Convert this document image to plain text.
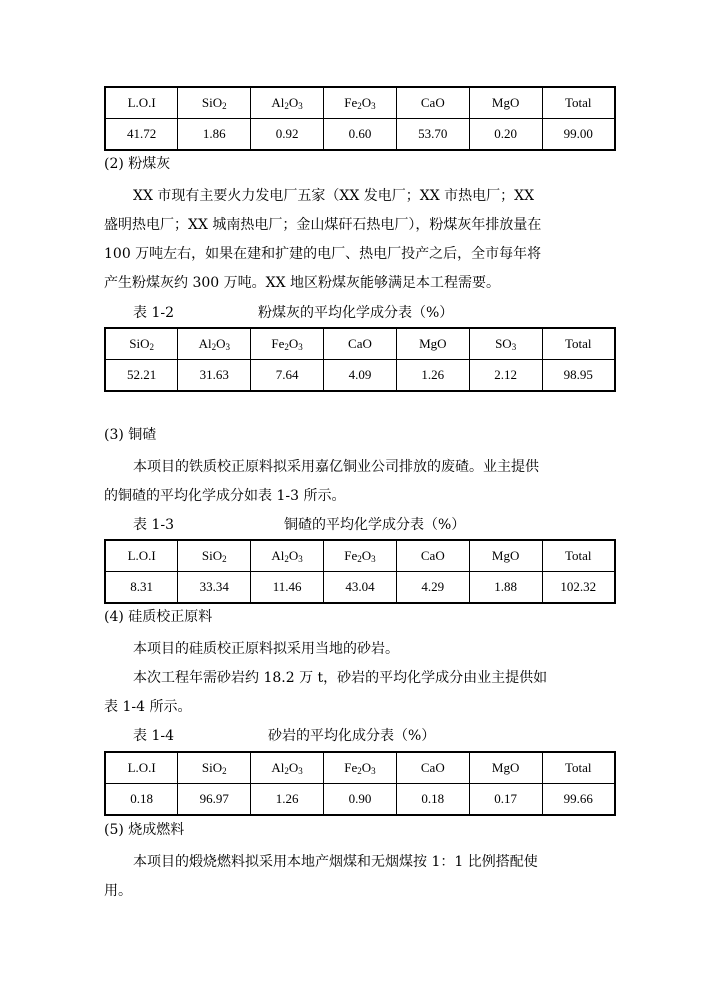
L.O.I	SiO$_2$	$Al_2O_3$	$Fe_2O_3$	CaO	MgO	Total
41.72	1.86	0.92	0.60	53.70	0.20	99.00
(2) 粉煤灰
XX 市现有主要火力发电厂五家（XX 发电厂；XX 市热电厂；XX
盛明热电厂；XX 城南热电厂；金山煤矸石热电厂），粉煤灰年排放量在
100 万吨左右，如果在建和扩建的电厂、热电厂投产之后，全市每年将
产生粉煤灰约 300 万吨。XX 地区粉煤灰能够满足本工程需要。
表 1-2	粉煤灰的平均化学成分表（%）
SiO$_2$	$Al_2O_3$	$Fe_2O_3$	CaO	MgO	$SO_3$	Total
52.21	31.63	7.64	4.09	1.26	2.12	98.95
(3) 铜碴
本项目的铁质校正原料拟采用嘉亿铜业公司排放的废碴。业主提供
的铜碴的平均化学成分如表 1-3 所示。
表 1-3	铜碴的平均化学成分表（%）
L.O.I	SiO$_2$	$Al_2O_3$	$Fe_2O_3$	CaO	MgO	Total
8.31	33.34	11.46	43.04	4.29	1.88	102.32
(4) 硅质校正原料
本项目的硅质校正原料拟采用当地的砂岩。
本次工程年需砂岩约 18.2 万 t，砂岩的平均化学成分由业主提供如
表 1-4 所示。
表 1-4	砂岩的平均化成分表（%）
L.O.I	SiO$_2$	$Al_2O_3$	$Fe_2O_3$	CaO	MgO	Total
0.18	96.97	1.26	0.90	0.18	0.17	99.66
(5) 烧成燃料
本项目的煅烧燃料拟采用本地产烟煤和无烟煤按 1：1 比例搭配使
用。
